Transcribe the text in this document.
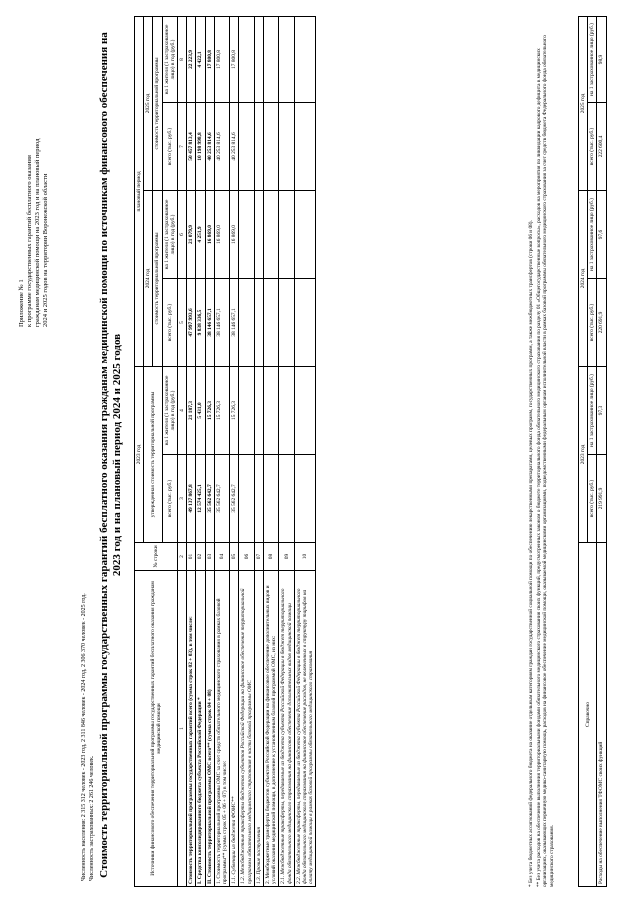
Приложение № 1 к программе государственных гарантий бесплатного оказания гражданам медицинской помощи на 2023 год и на плановый период 2024 и 2025 годов на территории Воронежской области
Численность населения: 2 315 312 человек - 2023 год, 2 311 846 человек - 2024 год, 2 306 370 человек - 2025 год. Численность застрахованных: 2 261 246 человек. Стоимость территориальной программы государственных гарантий бесплатного оказания гражданам медицинской помощи по источникам финансового обеспечения на 2023 год и на плановый период 2024 и 2025 годов
Источники финансового обеспечения территориальной программы государственных гарантий бесплатного оказания гражданам медицинской помощи	№ строки	2023 год		плановый период			
		утвержденная стоимость территориальной программы		2024 год		2025 год	
				стоимость территориальной программы		стоимость территориальной программы	
		всего (тыс. руб.)	на 1 жителя (1 застрахованное лицо) в год (руб.)	всего (тыс. руб.)	на 1 жителя (1 застрахованное лицо) в год (руб.)	всего (тыс. руб.)	на 1 жителя (1 застрахованное лицо) в год (руб.)
1	2	3	4	5	6	7	8
Стоимость территориальной программы государственных гарантий всего (сумма строк 02 + 03), в том числе:	01	49 137 867,8	21 187,3	47 997 993,6	21 079,9	50 457 813,4	22 223,9
I. Средства консолидированного бюджета субъекта Российской Федерации *	02	12 574 425,1	5 431,0	9 838 336,5	4 251,9	10 198 998,8	4 422,1
II. Стоимость территориальной программы ОМС всего** (сумма строк 04 + 08)	03	35 562 642,7	15 726,3	38 146 657,1	16 869,0	40 253 814,6	17 800,8
1. Стоимость территориальной программы ОМС за счет средств обязательного медицинского страхования в рамках базовой программы** (сумма строк 05 + 06 + 07) в том числе:	04	35 562 642,7	15 726,3	38 146 657,1	16 869,0	40 253 814,6	17 800,8
1.1. Субвенции из бюджета ФОМС**	05	35 562 642,7	15 726,3	38 146 657,1	16 869,0	40 253 814,6	17 800,8
1.2. Межбюджетные трансферты бюджетов субъектов Российской Федерации на финансовое обеспечение территориальной программы обязательного медицинского страхования в части базовой программы ОМС	06						
1.3. Прочие поступления	07						
2. Межбюджетные трансферты бюджетов субъектов Российской Федерации на финансовое обеспечение дополнительных видов и условий оказания медицинской помощи, в дополнение к установленным базовой программой ОМС, из них:	08						
2.1. Межбюджетные трансферты, передаваемые из бюджета субъекта Российской Федерации в бюджет территориального фонда обязательного медицинского страхования на финансовое обеспечение дополнительных видов медицинской помощи	09						
2.2. Межбюджетные трансферты, передаваемые из бюджета субъекта Российской Федерации в бюджет территориального фонда обязательного медицинского страхования на финансовое обеспечение расходов, не включенных в структуру тарифов на оплату медицинской помощи в рамках базовой программы обязательного медицинского страхования	10							* Без учета бюджетных ассигнований федерального бюджета на оказание отдельным категориям граждан государственной социальной помощи по обеспечению лекарственными препаратами, целевых программ, государственных программ, а также межбюджетных трансфертов (строки 06 и 08). ** Без учета расходов на обеспечение выполнения территориальными фондами обязательного медицинского страхования своих функций, предусмотренных законом о бюджете территориального фонда обязательного медицинского страхования по разделу 01 «Общегосударственные вопросы», расходов на мероприятия по ликвидации кадрового дефицита в медицинских организациях, оказывающих первичную медико-санитарную помощь, расходов на финансовое обеспечение медицинской помощи, оказываемой медицинскими организациями, подведомственными федеральным органам исполнительной власти в рамках базовой программы обязательного медицинского страхования за счет средств бюджета Федерального фонда обязательного медицинского страхования.

Справочно	2023 год		2024 год		2025 год	
	всего (тыс. руб.)	на 1 застрахованное лицо (руб.)	всего (тыс. руб.)	на 1 застрахованное лицо (руб.)	всего (тыс. руб.)	на 1 застрахованное лицо (руб.)
Расходы на обеспечение выполнения ТФОМС своих функций	219 991,9	97,3	220 691,9	97,6	222 600,4	98,9
